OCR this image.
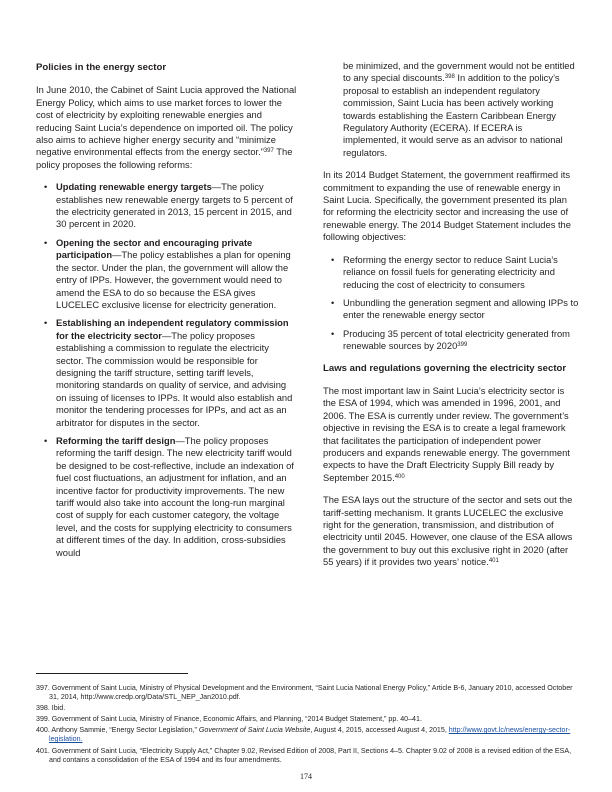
Policies in the energy sector

In June 2010, the Cabinet of Saint Lucia approved the National Energy Policy, which aims to use market forces to lower the cost of electricity by exploiting renewable energies and reducing Saint Lucia’s dependence on imported oil. The policy also aims to achieve higher energy security and “minimize negative environmental effects from the energy sector.”$^{397}$ The policy proposes the following reforms:

• Updating renewable energy targets—The policy establishes new renewable energy targets to 5 percent of the electricity generated in 2013, 15 percent in 2015, and 30 percent in 2020.
• Opening the sector and encouraging private participation—The policy establishes a plan for opening the sector. Under the plan, the government will allow the entry of IPPs. However, the government would need to amend the ESA to do so because the ESA gives LUCELEC exclusive license for electricity generation.
• Establishing an independent regulatory commission for the electricity sector—The policy proposes establishing a commission to regulate the electricity sector. The commission would be responsible for designing the tariff structure, setting tariff levels, monitoring standards on quality of service, and advising on issuing of licenses to IPPs. It would also establish and monitor the tendering processes for IPPs, and act as an arbitrator for disputes in the sector.
• Reforming the tariff design—The policy proposes reforming the tariff design. The new electricity tariff would be designed to be cost-reflective, include an indexation of fuel cost fluctuations, an adjustment for inflation, and an incentive factor for productivity improvements. The new tariff would also take into account the long-run marginal cost of supply for each customer category, the voltage level, and the costs for supplying electricity to consumers at different times of the day. In addition, cross-subsidies would

be minimized, and the government would not be entitled to any special discounts.$^{398}$ In addition to the policy’s proposal to establish an independent regulatory commission, Saint Lucia has been actively working towards establishing the Eastern Caribbean Energy Regulatory Authority (ECERA). If ECERA is implemented, it would serve as an advisor to national regulators.

In its 2014 Budget Statement, the government reaffirmed its commitment to expanding the use of renewable energy in Saint Lucia. Specifically, the government presented its plan for reforming the electricity sector and increasing the use of renewable energy. The 2014 Budget Statement includes the following objectives:

• Reforming the energy sector to reduce Saint Lucia’s reliance on fossil fuels for generating electricity and reducing the cost of electricity to consumers
• Unbundling the generation segment and allowing IPPs to enter the renewable energy sector
• Producing 35 percent of total electricity generated from renewable sources by 2020$^{399}$
Laws and regulations governing the electricity sector

The most important law in Saint Lucia’s electricity sector is the ESA of 1994, which was amended in 1996, 2001, and 2006. The ESA is currently under review. The government’s objective in revising the ESA is to create a legal framework that facilitates the participation of independent power producers and expands renewable energy. The government expects to have the Draft Electricity Supply Bill ready by September 2015.$^{400}$

The ESA lays out the structure of the sector and sets out the tariff-setting mechanism. It grants LUCELEC the exclusive right for the generation, transmission, and distribution of electricity until 2045. However, one clause of the ESA allows the government to buy out this exclusive right in 2020 (after 55 years) if it provides two years’ notice.$^{401}$

397. Government of Saint Lucia, Ministry of Physical Development and the Environment, “Saint Lucia National Energy Policy,” Article B-6, January 2010, accessed October 31, 2014, http://www.credp.org/Data/STL_NEP_Jan2010.pdf.

398. Ibid.

399. Government of Saint Lucia, Ministry of Finance, Economic Affairs, and Planning, “2014 Budget Statement,” pp. 40–41.

400. Anthony Sammie, “Energy Sector Legislation,” Government of Saint Lucia Website, August 4, 2015, accessed August 4, 2015, http://www.govt.lc/news/energy-sector-legislation.

401. Government of Saint Lucia, “Electricity Supply Act,” Chapter 9.02, Revised Edition of 2008, Part II, Sections 4–5. Chapter 9.02 of 2008 is a revised edition of the ESA, and contains a consolidation of the ESA of 1994 and its four amendments.

174
